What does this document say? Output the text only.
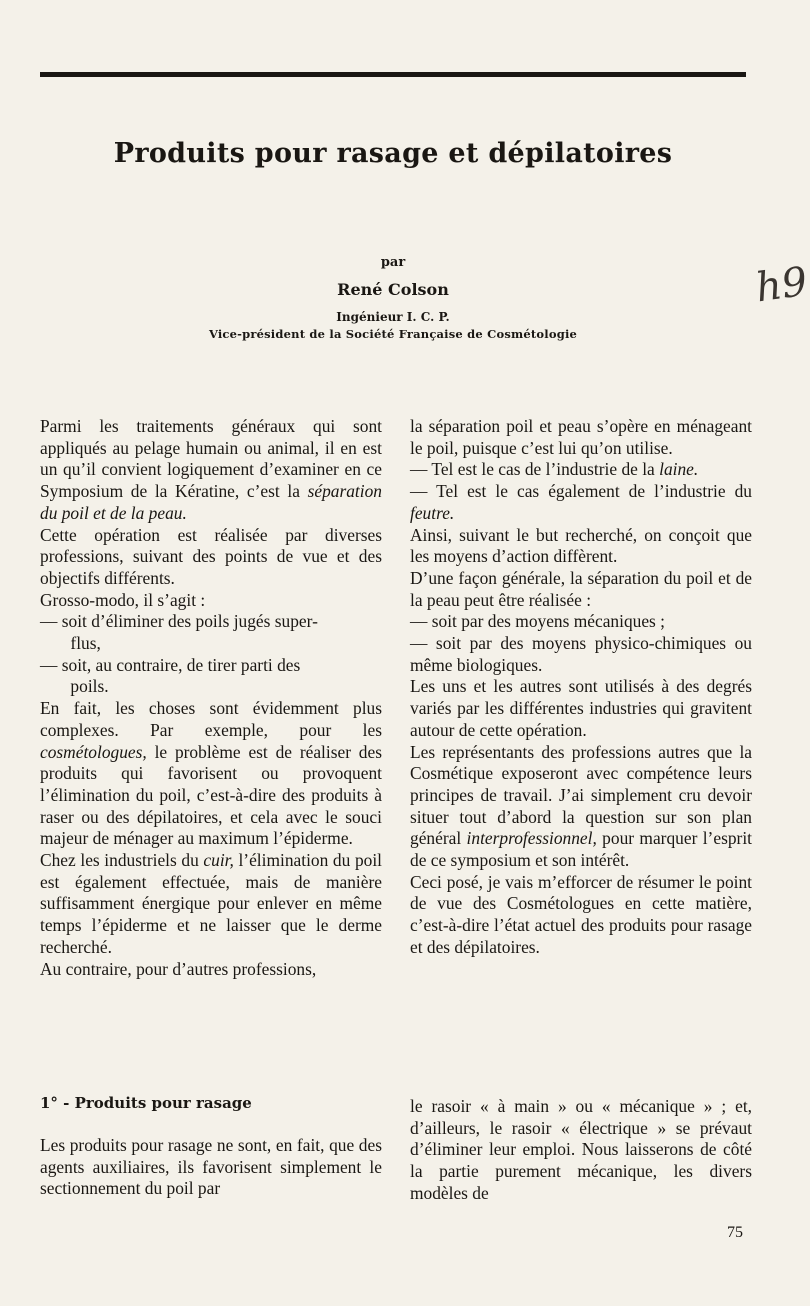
Produits pour rasage et dépilatoires
par
René Colson
Ingénieur I. C. P.
Vice-président de la Société Française de Cosmétologie
h9

Parmi les traitements généraux qui sont appliqués au pelage humain ou animal, il en est un qu’il convient logiquement d’examiner en ce Symposium de la Kératine, c’est la séparation du poil et de la peau.

Cette opération est réalisée par diverses professions, suivant des points de vue et des objectifs différents.

Grosso-modo, il s’agit :

— soit d’éliminer des poils jugés super-
flus,

— soit, au contraire, de tirer parti des
poils.

En fait, les choses sont évidemment plus complexes. Par exemple, pour les cosmétologues, le problème est de réaliser des produits qui favorisent ou provoquent l’élimination du poil, c’est-à-dire des produits à raser ou des dépilatoires, et cela avec le souci majeur de ménager au maximum l’épiderme.

Chez les industriels du cuir, l’élimination du poil est également effectuée, mais de manière suffisamment énergique pour enlever en même temps l’épiderme et ne laisser que le derme recherché.

Au contraire, pour d’autres professions,

la séparation poil et peau s’opère en ménageant le poil, puisque c’est lui qu’on utilise.

— Tel est le cas de l’industrie de la laine.

— Tel est le cas également de l’industrie du feutre.

Ainsi, suivant le but recherché, on conçoit que les moyens d’action diffèrent.

D’une façon générale, la séparation du poil et de la peau peut être réalisée :

— soit par des moyens mécaniques ;

— soit par des moyens physico-chimiques ou même biologiques.

Les uns et les autres sont utilisés à des degrés variés par les différentes industries qui gravitent autour de cette opération.

Les représentants des professions autres que la Cosmétique exposeront avec compétence leurs principes de travail. J’ai simplement cru devoir situer tout d’abord la question sur son plan général interprofessionnel, pour marquer l’esprit de ce symposium et son intérêt.

Ceci posé, je vais m’efforcer de résumer le point de vue des Cosmétologues en cette matière, c’est-à-dire l’état actuel des produits pour rasage et des dépilatoires.

1° - Produits pour rasage

Les produits pour rasage ne sont, en fait, que des agents auxiliaires, ils favorisent simplement le sectionnement du poil par

le rasoir « à main » ou « mécanique » ; et, d’ailleurs, le rasoir « électrique » se prévaut d’éliminer leur emploi. Nous laisserons de côté la partie purement mécanique, les divers modèles de

75
